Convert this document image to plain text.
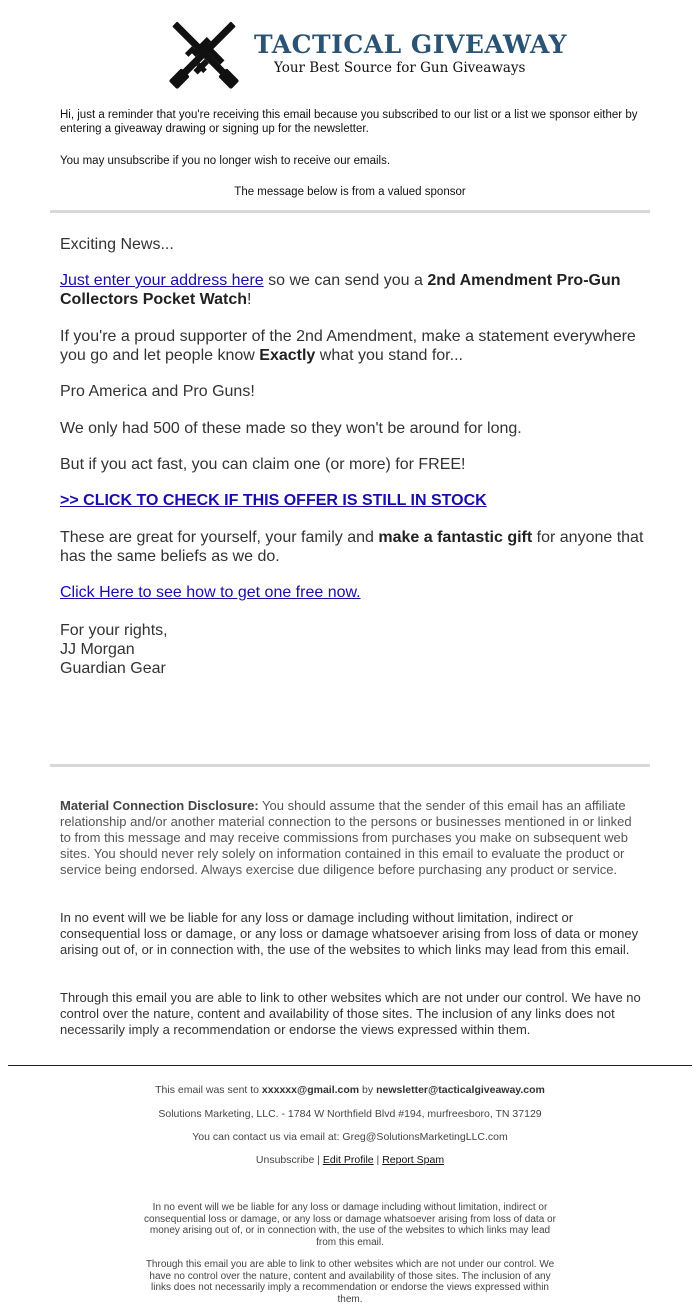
TACTICAL GIVEAWAY
Your Best Source for Gun Giveaways
Hi, just a reminder that you're receiving this email because you subscribed to our list or a list we sponsor either by entering a giveaway drawing or signing up for the newsletter.
You may unsubscribe if you no longer wish to receive our emails.
The message below is from a valued sponsor
Exciting News...
Just enter your address here so we can send you a 2nd Amendment Pro-Gun Collectors Pocket Watch!
If you're a proud supporter of the 2nd Amendment, make a statement everywhere you go and let people know Exactly what you stand for...
Pro America and Pro Guns!
We only had 500 of these made so they won't be around for long.
But if you act fast, you can claim one (or more) for FREE!
>> CLICK TO CHECK IF THIS OFFER IS STILL IN STOCK
These are great for yourself, your family and make a fantastic gift for anyone that has the same beliefs as we do.
Click Here to see how to get one free now.
For your rights,
JJ Morgan
Guardian Gear
Material Connection Disclosure: You should assume that the sender of this email has an affiliate relationship and/or another material connection to the persons or businesses mentioned in or linked to from this message and may receive commissions from purchases you make on subsequent web sites. You should never rely solely on information contained in this email to evaluate the product or service being endorsed. Always exercise due diligence before purchasing any product or service.
In no event will we be liable for any loss or damage including without limitation, indirect or consequential loss or damage, or any loss or damage whatsoever arising from loss of data or money arising out of, or in connection with, the use of the websites to which links may lead from this email.
Through this email you are able to link to other websites which are not under our control. We have no control over the nature, content and availability of those sites. The inclusion of any links does not necessarily imply a recommendation or endorse the views expressed within them.
This email was sent to xxxxxx@gmail.com by newsletter@tacticalgiveaway.com
Solutions Marketing, LLC. - 1784 W Northfield Blvd #194, murfreesboro, TN 37129
You can contact us via email at: Greg@SolutionsMarketingLLC.com
Unsubscribe | Edit Profile | Report Spam
In no event will we be liable for any loss or damage including without limitation, indirect or consequential loss or damage, or any loss or damage whatsoever arising from loss of data or money arising out of, or in connection with, the use of the websites to which links may lead from this email.
Through this email you are able to link to other websites which are not under our control. We have no control over the nature, content and availability of those sites. The inclusion of any links does not necessarily imply a recommendation or endorse the views expressed within them.
